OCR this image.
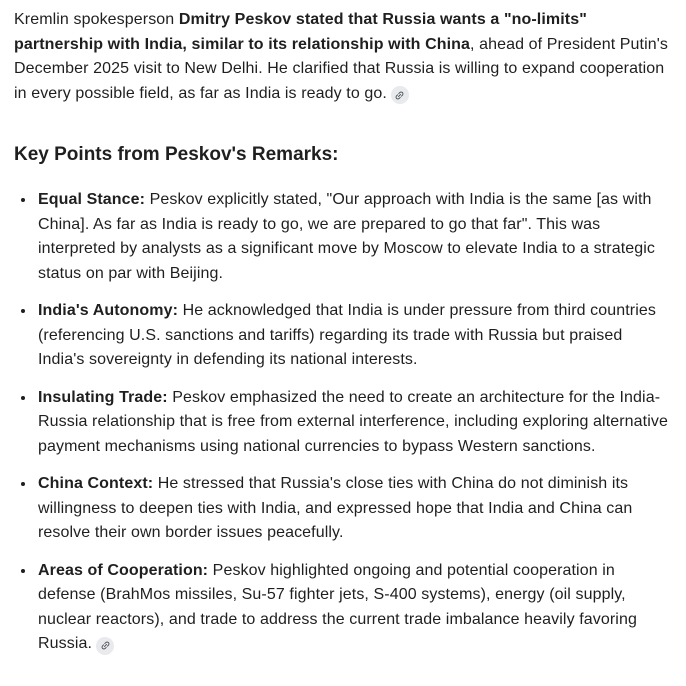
Kremlin spokesperson Dmitry Peskov stated that Russia wants a "no-limits" partnership with India, similar to its relationship with China, ahead of President Putin's December 2025 visit to New Delhi. He clarified that Russia is willing to expand cooperation in every possible field, as far as India is ready to go.

Key Points from Peskov's Remarks:
• Equal Stance: Peskov explicitly stated, "Our approach with India is the same [as with China]. As far as India is ready to go, we are prepared to go that far". This was interpreted by analysts as a significant move by Moscow to elevate India to a strategic status on par with Beijing.
• India's Autonomy: He acknowledged that India is under pressure from third countries (referencing U.S. sanctions and tariffs) regarding its trade with Russia but praised India's sovereignty in defending its national interests.
• Insulating Trade: Peskov emphasized the need to create an architecture for the India-Russia relationship that is free from external interference, including exploring alternative payment mechanisms using national currencies to bypass Western sanctions.
• China Context: He stressed that Russia's close ties with China do not diminish its willingness to deepen ties with India, and expressed hope that India and China can resolve their own border issues peacefully.
• Areas of Cooperation: Peskov highlighted ongoing and potential cooperation in defense (BrahMos missiles, Su-57 fighter jets, S-400 systems), energy (oil supply, nuclear reactors), and trade to address the current trade imbalance heavily favoring Russia.
